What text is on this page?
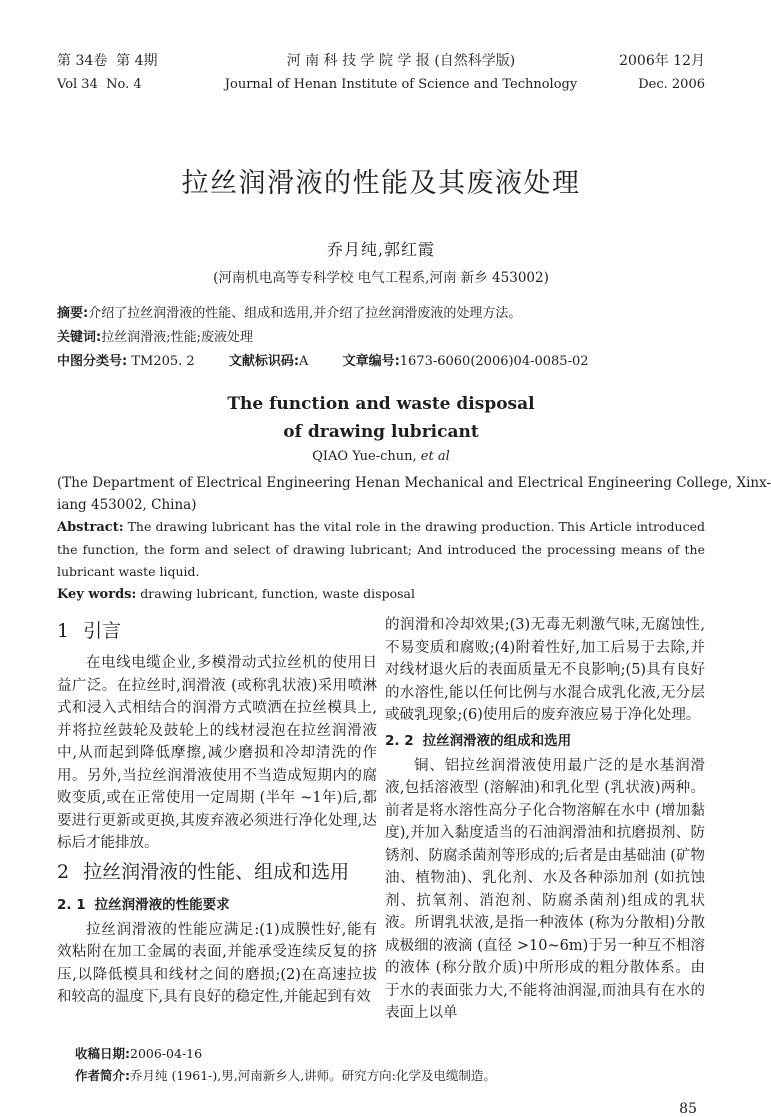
第 34卷  第 4期
Vol 34  No. 4
河 南 科 技 学 院 学 报 (自然科学版)
Journal of Henan Institute of Science and Technology
2006年 12月
Dec. 2006
拉丝润滑液的性能及其废液处理
乔月纯,郭红霞
(河南机电高等专科学校 电气工程系,河南 新乡 453002)
摘要:介绍了拉丝润滑液的性能、组成和选用,并介绍了拉丝润滑废液的处理方法。
关键词:拉丝润滑液;性能;废液处理
中图分类号: TM205. 2	文献标识码:A	文章编号:1673-6060(2006)04-0085-02
The function and waste disposal
of drawing lubricant
QIAO Yue-chun, et al
(The Department of Electrical Engineering Henan Mechanical and Electrical Engineering College, Xinx-
iang 453002, China)
Abstract: The drawing lubricant has the vital role in the drawing production. This Article introduced the function, the form and select of drawing lubricant; And introduced the processing means of the lubricant waste liquid.
Key words: drawing lubricant, function, waste disposal
1 引言

在电线电缆企业,多模滑动式拉丝机的使用日益广泛。在拉丝时,润滑液 (或称乳状液)采用喷淋式和浸入式相结合的润滑方式喷洒在拉丝模具上,并将拉丝鼓轮及鼓轮上的线材浸泡在拉丝润滑液中,从而起到降低摩擦,减少磨损和冷却清洗的作用。另外,当拉丝润滑液使用不当造成短期内的腐败变质,或在正常使用一定周期 (半年 ~1年)后,都要进行更新或更换,其废弃液必须进行净化处理,达标后才能排放。

2 拉丝润滑液的性能、组成和选用
2. 1 拉丝润滑液的性能要求

拉丝润滑液的性能应满足:(1)成膜性好,能有效粘附在加工金属的表面,并能承受连续反复的挤压,以降低模具和线材之间的磨损;(2)在高速拉拔和较高的温度下,具有良好的稳定性,并能起到有效

的润滑和冷却效果;(3)无毒无刺激气味,无腐蚀性,不易变质和腐败;(4)附着性好,加工后易于去除,并对线材退火后的表面质量无不良影响;(5)具有良好的水溶性,能以任何比例与水混合成乳化液,无分层或破乳现象;(6)使用后的废弃液应易于净化处理。

2. 2 拉丝润滑液的组成和选用

铜、铝拉丝润滑液使用最广泛的是水基润滑液,包括溶液型 (溶解油)和乳化型 (乳状液)两种。前者是将水溶性高分子化合物溶解在水中 (增加黏度),并加入黏度适当的石油润滑油和抗磨损剂、防锈剂、防腐杀菌剂等形成的;后者是由基础油 (矿物油、植物油)、乳化剂、水及各种添加剂 (如抗蚀剂、抗氧剂、消泡剂、防腐杀菌剂)组成的乳状液。所谓乳状液,是指一种液体 (称为分散相)分散成极细的液滴 (直径 >10~6m)于另一种互不相溶的液体 (称分散介质)中所形成的粗分散体系。由于水的表面张力大,不能将油润湿,而油具有在水的表面上以单

收稿日期:2006-04-16
作者简介:乔月纯 (1961-),男,河南新乡人,讲师。研究方向:化学及电缆制造。
85
